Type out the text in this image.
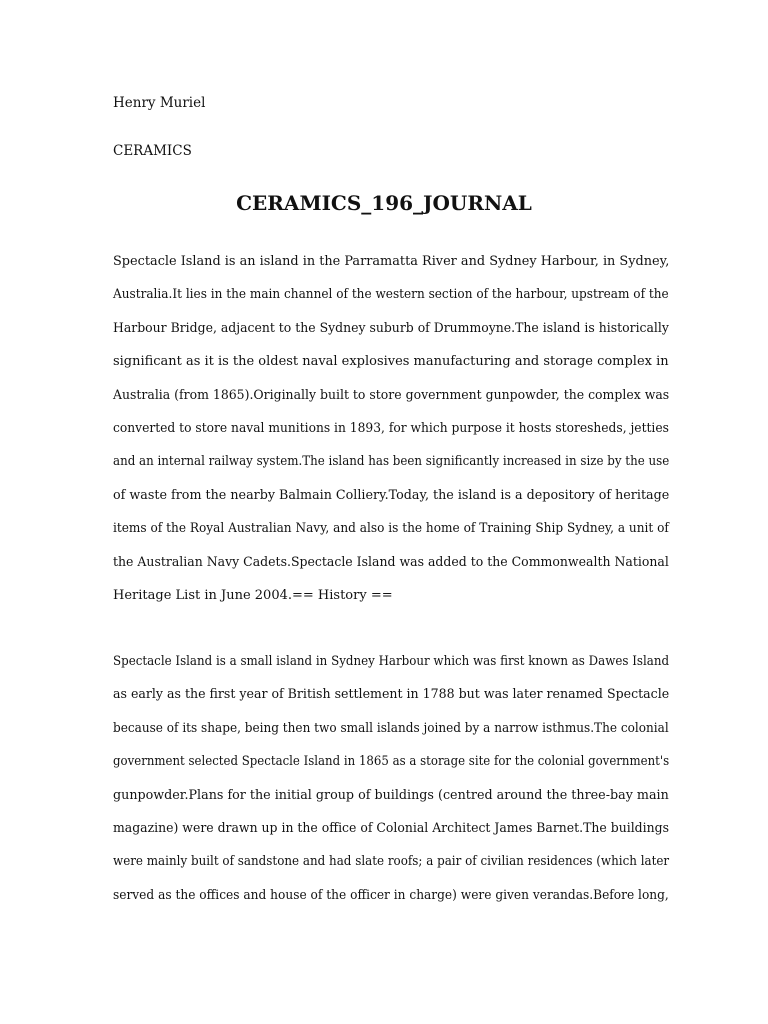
Henry Muriel
CERAMICS
CERAMICS_196_JOURNAL
Spectacle Island is an island in the Parramatta River and Sydney Harbour, in Sydney,
Australia.It lies in the main channel of the western section of the harbour, upstream of the
Harbour Bridge, adjacent to the Sydney suburb of Drummoyne.The island is historically
significant as it is the oldest naval explosives manufacturing and storage complex in
Australia (from 1865).Originally built to store government gunpowder, the complex was
converted to store naval munitions in 1893, for which purpose it hosts storesheds, jetties
and an internal railway system.The island has been significantly increased in size by the use
of waste from the nearby Balmain Colliery.Today, the island is a depository of heritage
items of the Royal Australian Navy, and also is the home of Training Ship Sydney, a unit of
the Australian Navy Cadets.Spectacle Island was added to the Commonwealth National
Heritage List in June 2004.== History ==
Spectacle Island is a small island in Sydney Harbour which was first known as Dawes Island
as early as the first year of British settlement in 1788 but was later renamed Spectacle
because of its shape, being then two small islands joined by a narrow isthmus.The colonial
government selected Spectacle Island in 1865 as a storage site for the colonial government's
gunpowder.Plans for the initial group of buildings (centred around the three-bay main
magazine) were drawn up in the office of Colonial Architect James Barnet.The buildings
were mainly built of sandstone and had slate roofs; a pair of civilian residences (which later
served as the offices and house of the officer in charge) were given verandas.Before long,
